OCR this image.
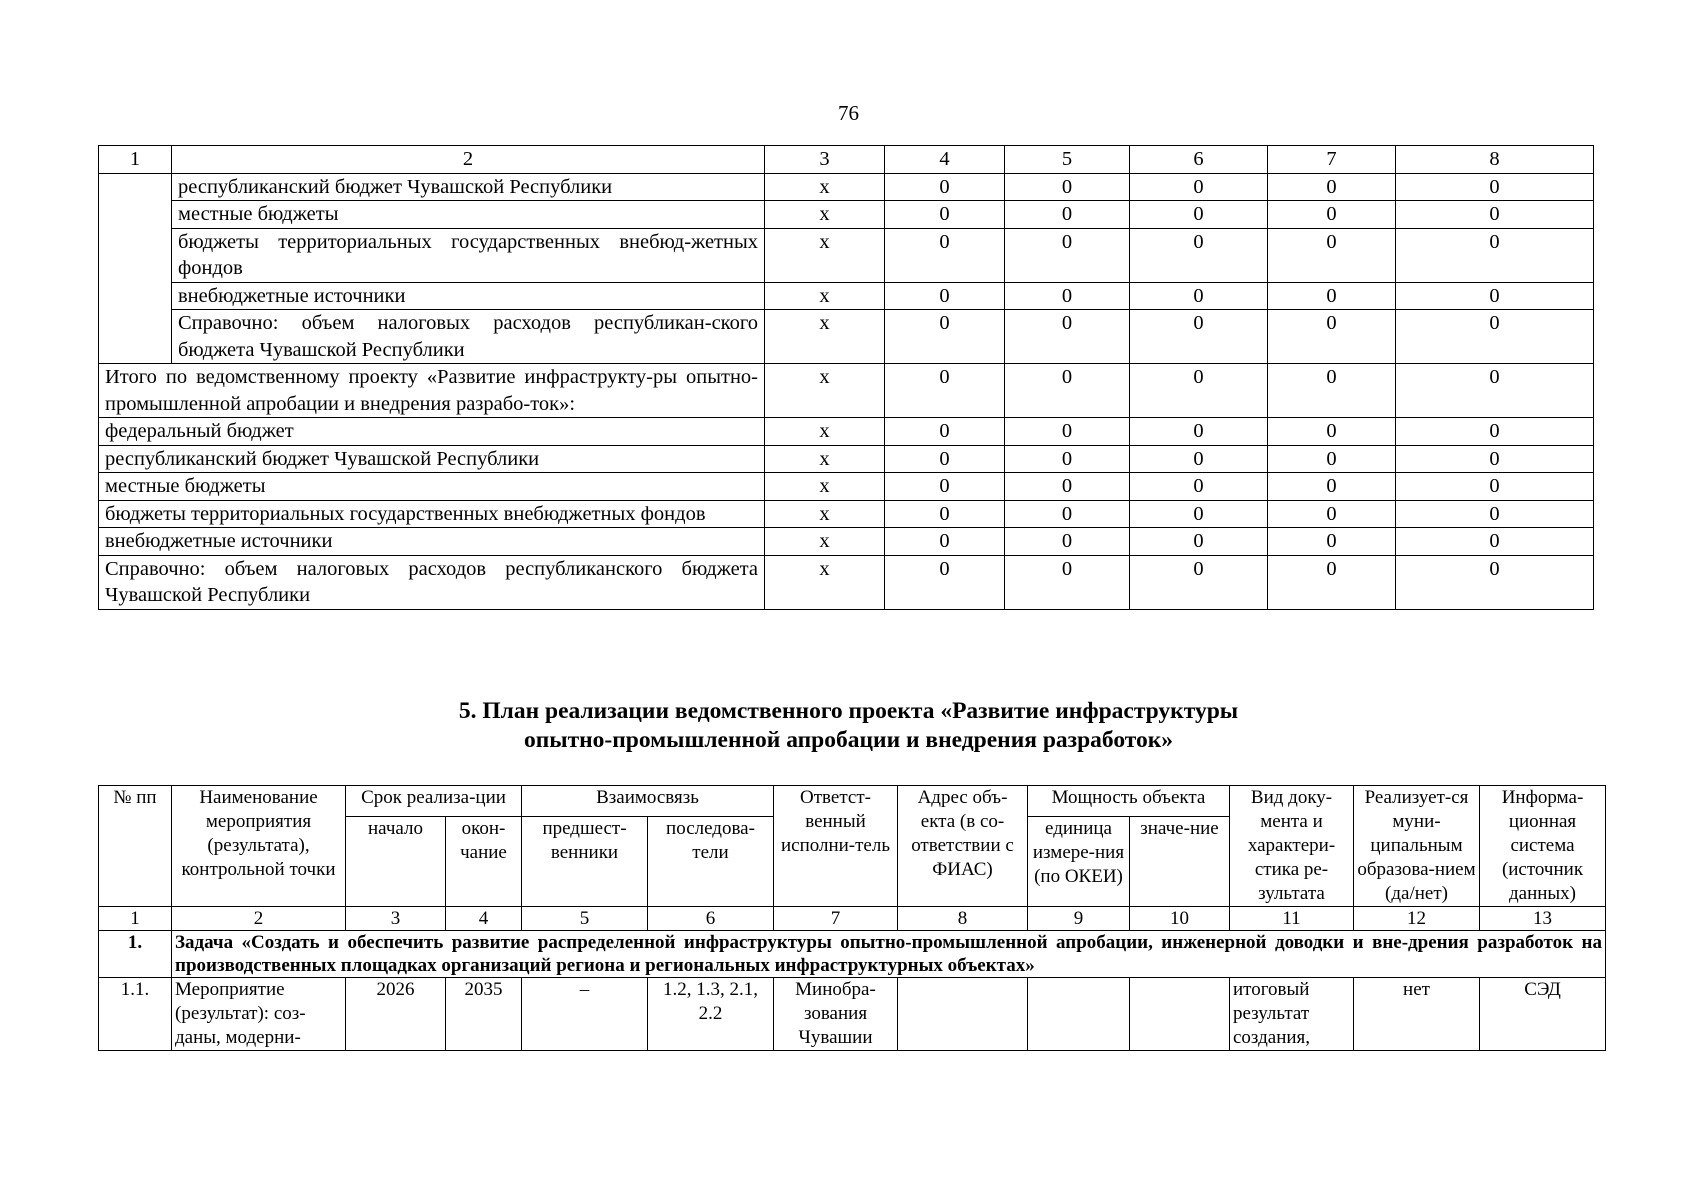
76
1	2	3	4	5	6	7	8
	республиканский бюджет Чувашской Республики	x	0	0	0	0	0
	местные бюджеты	x	0	0	0	0	0
	бюджеты территориальных государственных внебюд-жетных фондов	x	0	0	0	0	0
	внебюджетные источники	x	0	0	0	0	0
	Справочно: объем налоговых расходов республикан-ского бюджета Чувашской Республики	x	0	0	0	0	0
Итого по ведомственному проекту «Развитие инфраструкту-ры опытно-промышленной апробации и внедрения разрабо-ток»:		x	0	0	0	0	0
федеральный бюджет		x	0	0	0	0	0
республиканский бюджет Чувашской Республики		x	0	0	0	0	0
местные бюджеты		x	0	0	0	0	0
бюджеты территориальных государственных внебюджетных фондов		x	0	0	0	0	0
внебюджетные источники		x	0	0	0	0	0
Справочно: объем налоговых расходов республиканского бюджета Чувашской Республики		x	0	0	0	0	0
5. План реализации ведомственного проекта «Развитие инфраструктуры
опытно-промышленной апробации и внедрения разработок»
№ пп	Наименование мероприятия (результата), контрольной точки	Срок реализа-ции		Взаимосвязь		Ответст-венный исполни-тель	Адрес объ-екта (в со-ответствии с ФИАС)	Мощность объекта		Вид доку-мента и характери-стика ре-зультата	Реализует-ся муни-ципальным образова-нием (да/нет)	Информа-ционная система (источник данных)
		начало	окон-чание	предшест-венники	последова-тели			единица измере-ния (по ОКЕИ)	значе-ние			
1	2	3	4	5	6	7	8	9	10	11	12	13
1.	Задача «Создать и обеспечить развитие распределенной инфраструктуры опытно-промышленной апробации, инженерной доводки и вне-дрения разработок на производственных площадках организаций региона и региональных инфраструктурных объектах»											
1.1.	Мероприятие (результат): соз-даны, модерни-	2026	2035	–	1.2, 1.3, 2.1, 2.2	Минобра-зования Чувашии				итоговый результат создания,	нет	СЭД
